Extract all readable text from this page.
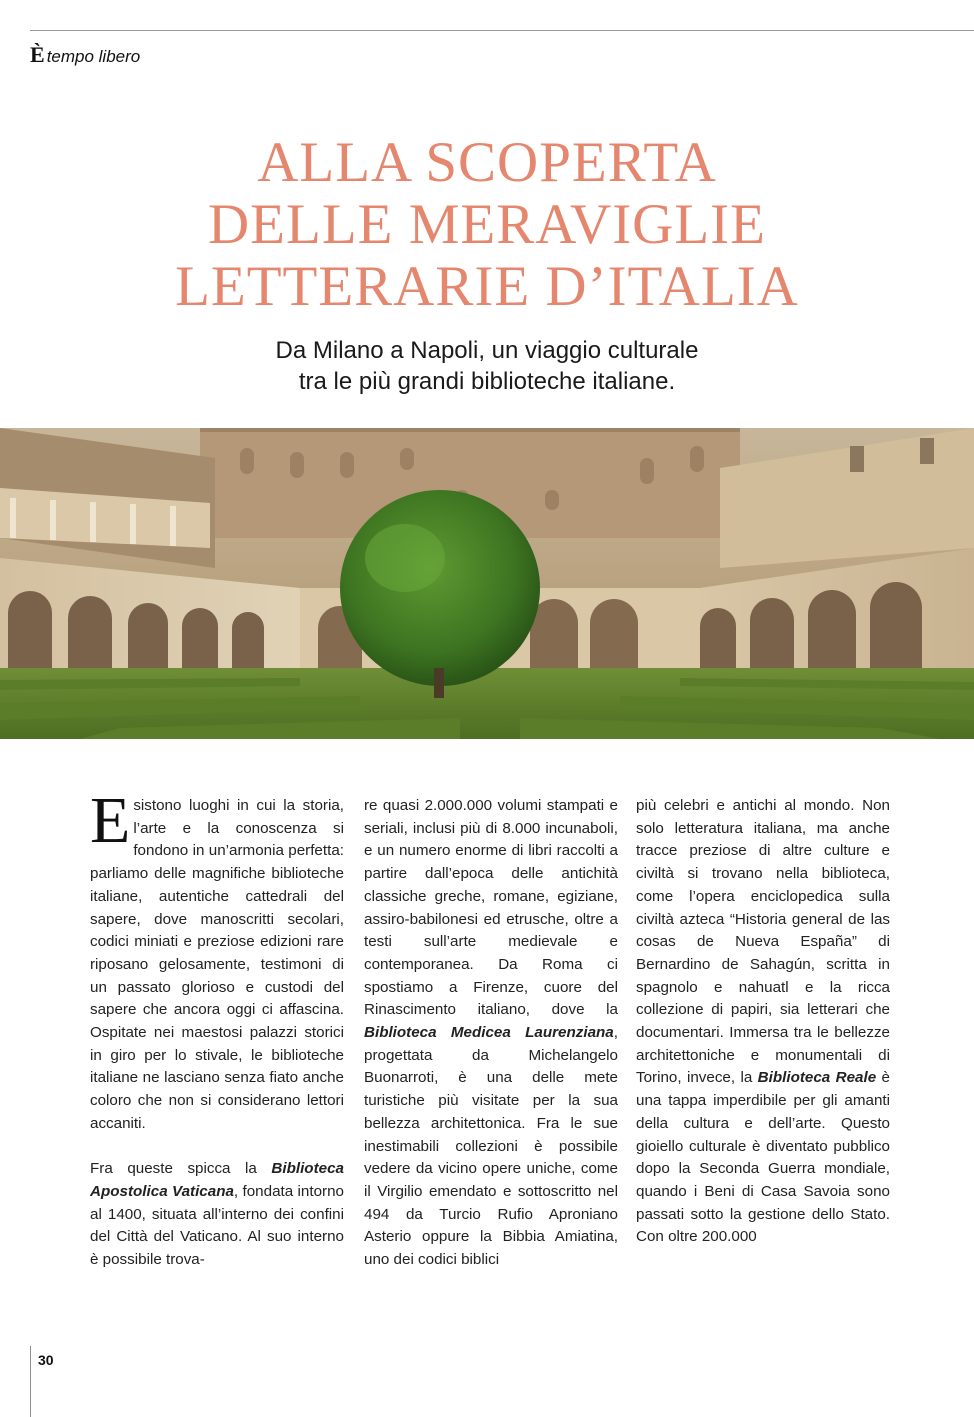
È tempo libero
ALLA SCOPERTA
DELLE MERAVIGLIE
LETTERARIE D’ITALIA
Da Milano a Napoli, un viaggio culturale
tra le più grandi biblioteche italiane.

Esistono luoghi in cui la storia, l’arte e la conoscenza si fondono in un’armonia perfetta: parliamo delle magnifiche biblioteche italiane, autentiche cattedrali del sapere, dove manoscritti secolari, codici miniati e preziose edizioni rare riposano gelosamente, testimoni di un passato glorioso e custodi del sapere che ancora oggi ci affascina. Ospitate nei maestosi palazzi storici in giro per lo stivale, le biblioteche italiane ne lasciano senza fiato anche coloro che non si considerano lettori accaniti.

Fra queste spicca la Biblioteca Apostolica Vaticana, fondata intorno al 1400, situata all’interno dei confini del Città del Vaticano. Al suo interno è possibile trova-

re quasi 2.000.000 volumi stampati e seriali, inclusi più di 8.000 incunaboli, e un numero enorme di libri raccolti a partire dall’epoca delle antichità classiche greche, romane, egiziane, assiro-babilonesi ed etrusche, oltre a testi sull’arte medievale e contemporanea. Da Roma ci spostiamo a Firenze, cuore del Rinascimento italiano, dove la Biblioteca Medicea Laurenziana, progettata da Michelangelo Buonarroti, è una delle mete turistiche più visitate per la sua bellezza architettonica. Fra le sue inestimabili collezioni è possibile vedere da vicino opere uniche, come il Virgilio emendato e sottoscritto nel 494 da Turcio Rufio Aproniano Asterio oppure la Bibbia Amiatina, uno dei codici biblici

più celebri e antichi al mondo. Non solo letteratura italiana, ma anche tracce preziose di altre culture e civiltà si trovano nella biblioteca, come l’opera enciclopedica sulla civiltà azteca “Historia general de las cosas de Nueva España” di Bernardino de Sahagún, scritta in spagnolo e nahuatl e la ricca collezione di papiri, sia letterari che documentari. Immersa tra le bellezze architettoniche e monumentali di Torino, invece, la Biblioteca Reale è una tappa imperdibile per gli amanti della cultura e dell’arte. Questo gioiello culturale è diventato pubblico dopo la Seconda Guerra mondiale, quando i Beni di Casa Savoia sono passati sotto la gestione dello Stato. Con oltre 200.000

30
